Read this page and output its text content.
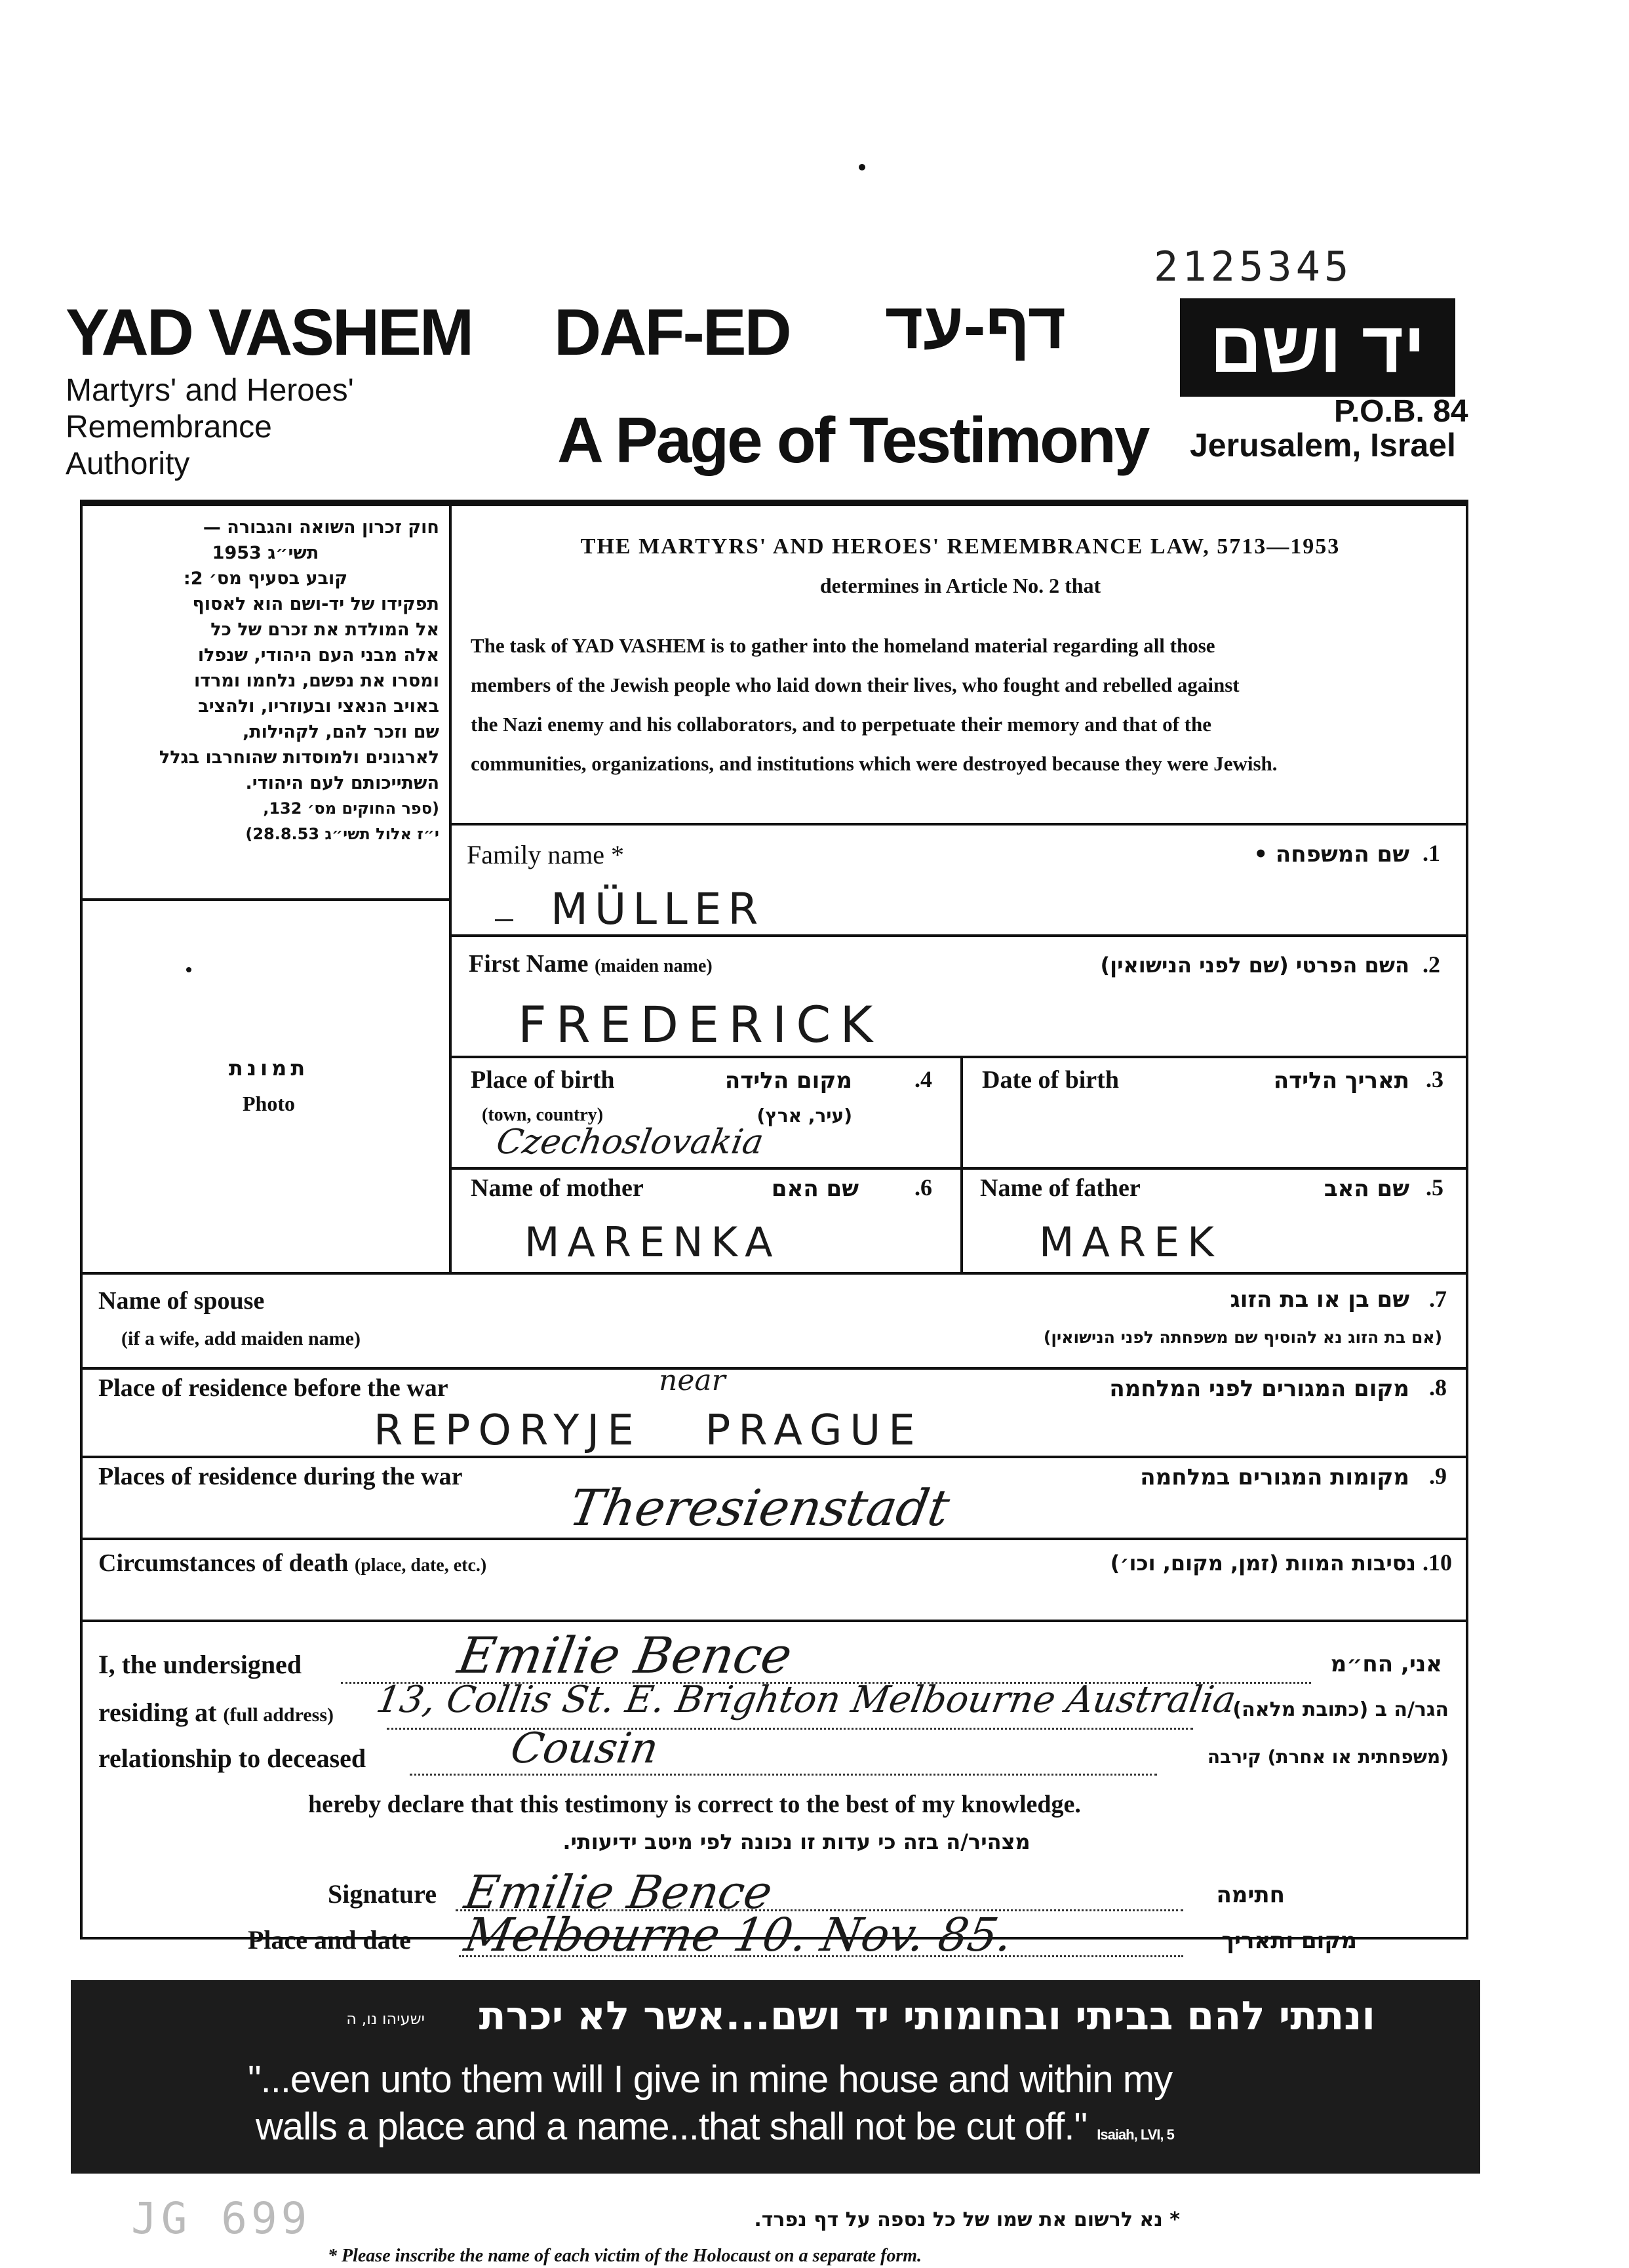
2125345
YAD VASHEM
Martyrs' and Heroes'
Remembrance
Authority
DAF-ED דף-עד
A Page of Testimony
יד ושם
P.O.B. 84
Jerusalem, Israel
חוק זכרון השואה והגבורה —
תשי״ג 1953
קובע בסעיף מס׳ 2:
תפקידו של יד-ושם הוא לאסוף
אל המולדת את זכרם של כל
אלה מבני העם היהודי, שנפלו
ומסרו את נפשם, נלחמו ומרדו
באויב הנאצי ובעוזריו, ולהציב
שם וזכר להם, לקהילות,
לארגונים ולמוסדות שהוחרבו בגלל
השתייכותם לעם היהודי.
(ספר החוקים מס׳ 132,
י״ז אלול תשי״ג 28.8.53)
THE MARTYRS' AND HEROES' REMEMBRANCE LAW, 5713—1953
determines in Article No. 2 that
The task of YAD VASHEM is to gather into the homeland material regarding all those
members of the Jewish people who laid down their lives, who fought and rebelled against
the Nazi enemy and his collaborators, and to perpetuate their memory and that of the
communities, organizations, and institutions which were destroyed because they were Jewish.
תמונת
Photo
Family name *	שם המשפחה • .1
MÜLLER
First Name (maiden name)	השם הפרטי (שם לפני הנישואין) .2
FREDERICK
Place of birth
(town, country)
מקום הלידה
(עיר, ארץ)
.4
Czechoslovakia
Date of birth	תאריך הלידה .3
Name of mother	שם האם .6
MARENKA
Name of father	שם האב .5
MAREK
Name of spouse
(if a wife, add maiden name)
שם בן או בת הזוג
(אם בת הזוג נא להוסיף שם משפחתה לפני הנישואין)
.7
Place of residence before the war	מקום המגורים לפני המלחמה .8
near
REPORYJE   PRAGUE
Places of residence during the war	מקומות המגורים במלחמה .9
Theresienstadt
Circumstances of death (place, date, etc.)	נסיבות המוות (זמן, מקום, וכו׳) .10
I, the undersigned	Emilie Bence	אני, הח״מ
residing at (full address) 13, Collis St. E. Brighton Melbourne Australia
הגר/ה ב (כתובת מלאה)
relationship to deceased	Cousin	(משפחתית או אחרת) קירבה
hereby declare that this testimony is correct to the best of my knowledge.
מצהיר/ה בזה כי עדות זו נכונה לפי מיטב ידיעותי.
Signature Emilie Bence	חתימה
Place and date Melbourne 10. Nov. 85.	מקום ותאריך
ונתתי להם בביתי ובחומותי יד ושם...אשר לא יכרת
ישעיהו נו, ה
"...even unto them will I give in mine house and within my
walls a place and a name...that shall not be cut off." Isaiah, LVI, 5
JG 699	* נא לרשום את שמו של כל נספה על דף נפרד.
* Please inscribe the name of each victim of the Holocaust on a separate form.
